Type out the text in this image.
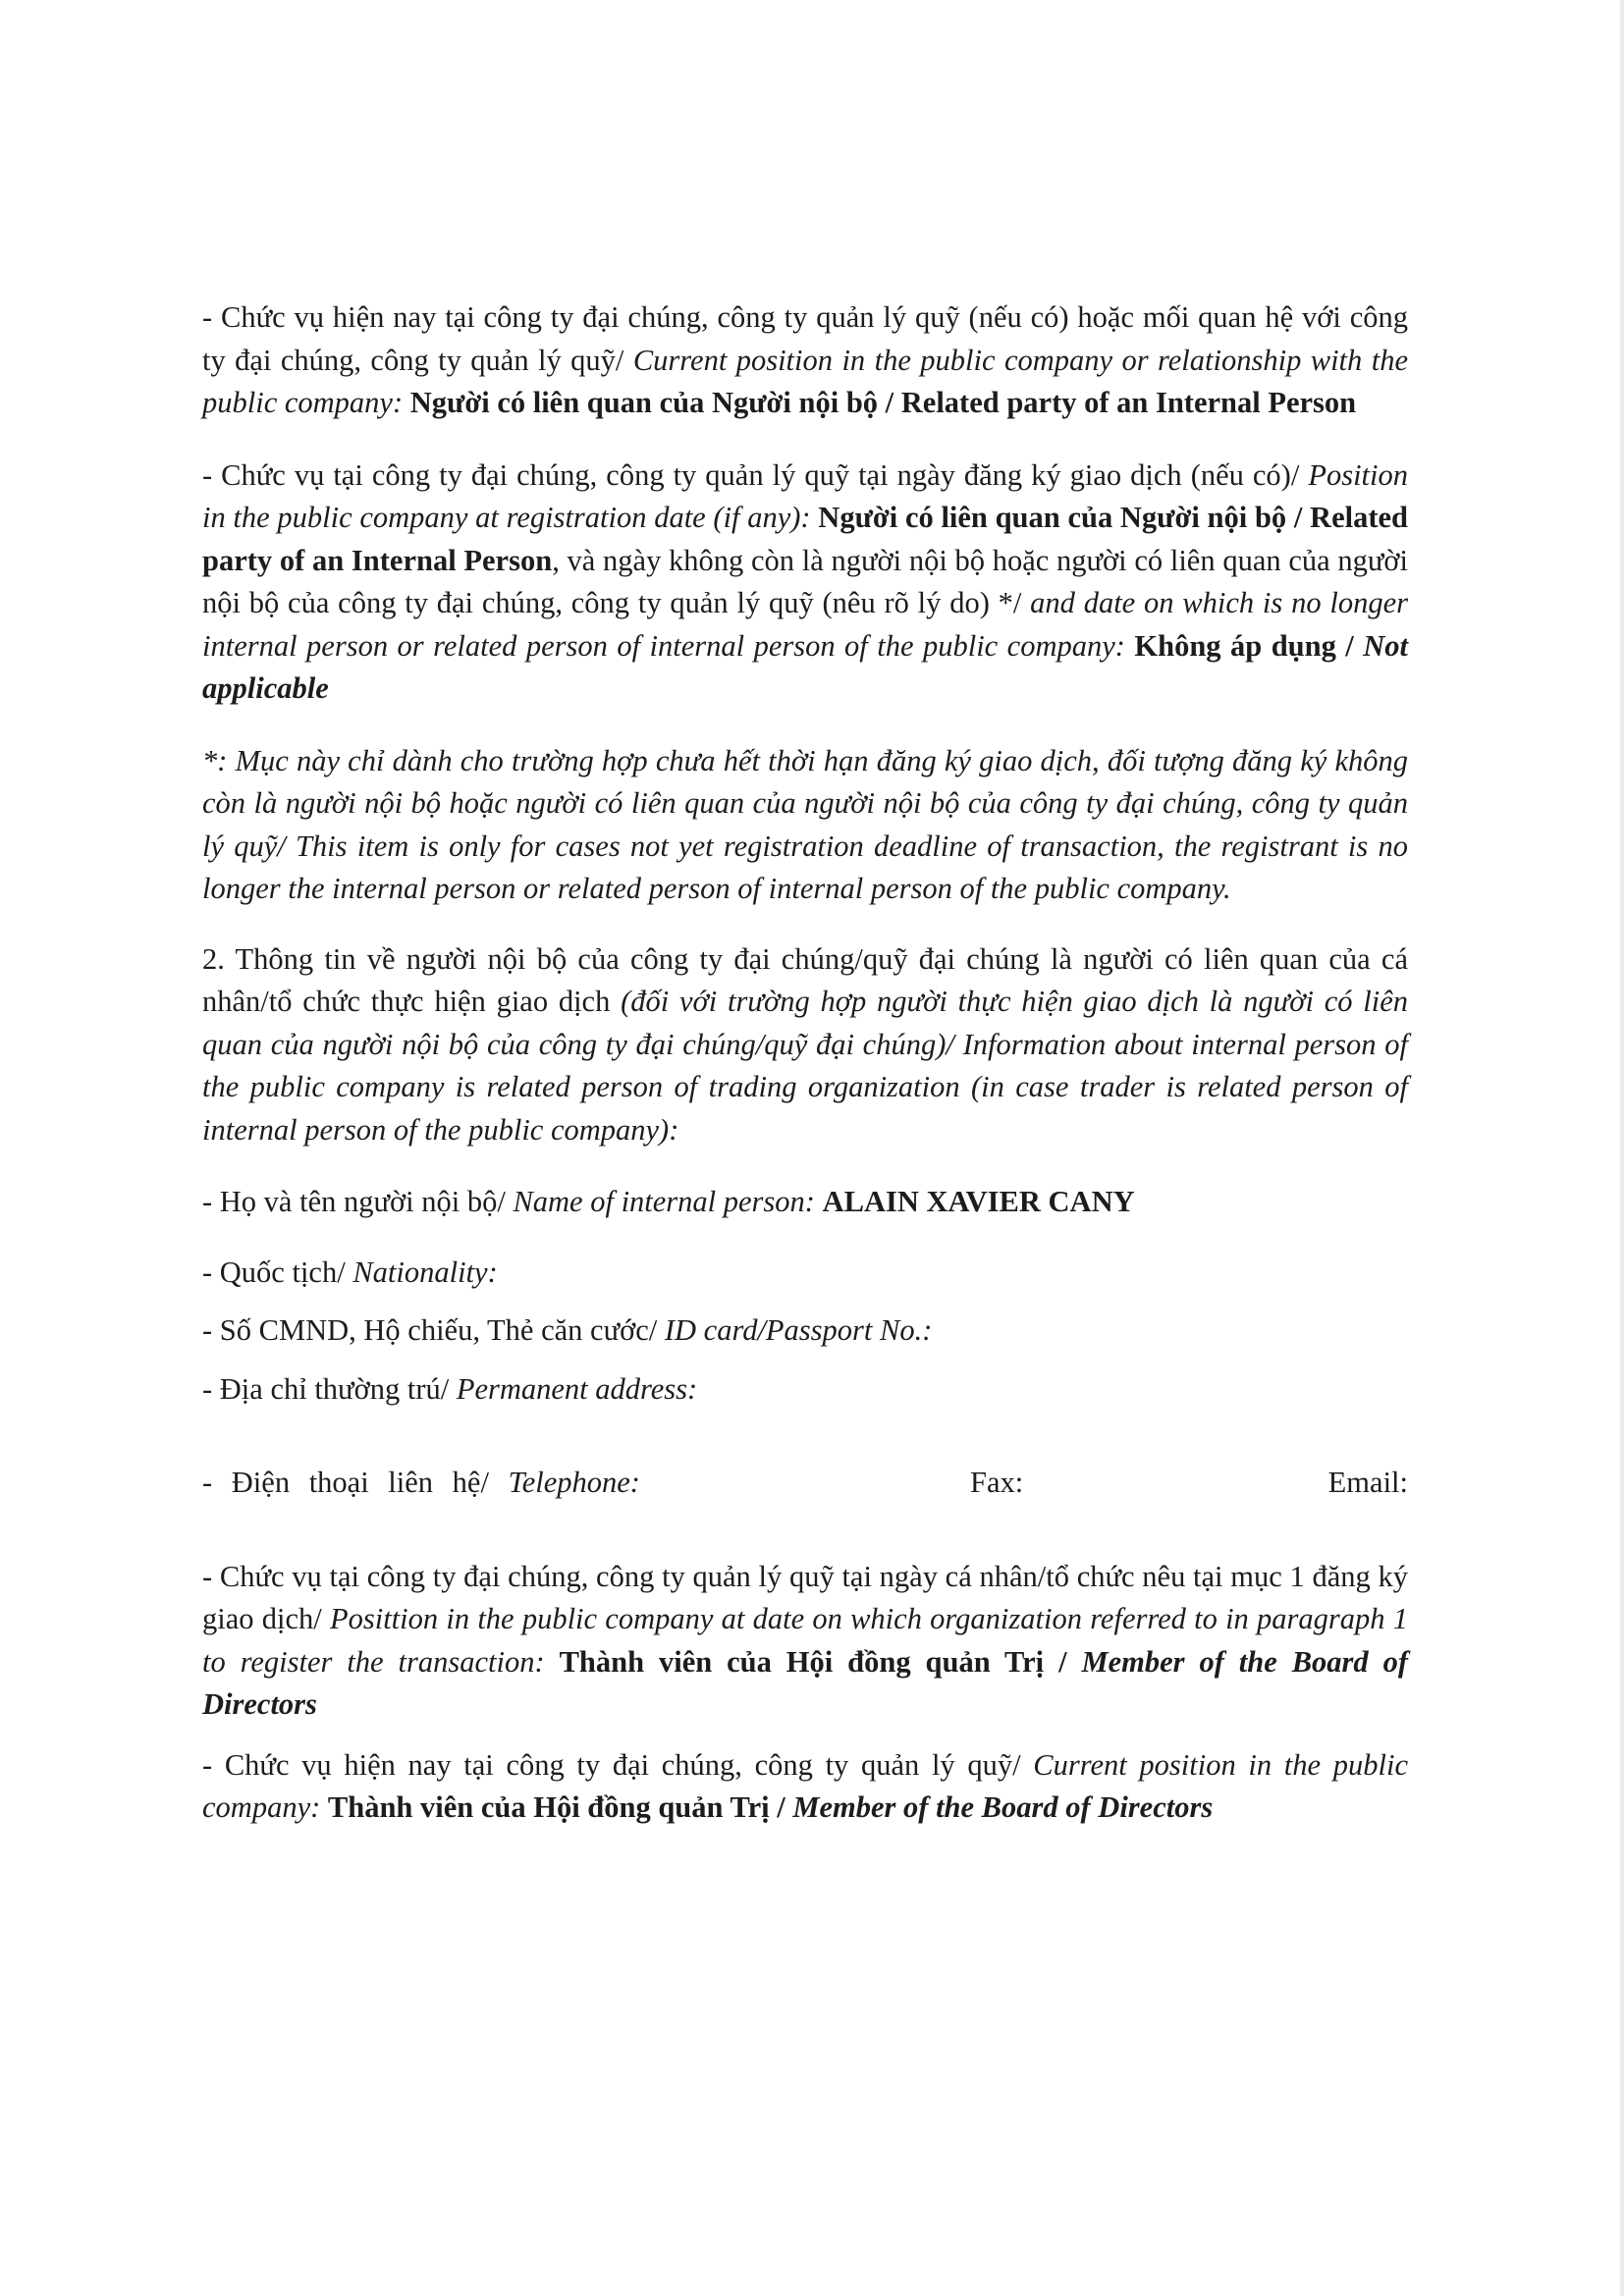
- Chức vụ hiện nay tại công ty đại chúng, công ty quản lý quỹ (nếu có) hoặc mối quan hệ với công ty đại chúng, công ty quản lý quỹ/ Current position in the public company or relationship with the public company: Người có liên quan của Người nội bộ / Related party of an Internal Person

- Chức vụ tại công ty đại chúng, công ty quản lý quỹ tại ngày đăng ký giao dịch (nếu có)/ Position in the public company at registration date (if any): Người có liên quan của Người nội bộ / Related party of an Internal Person, và ngày không còn là người nội bộ hoặc người có liên quan của người nội bộ của công ty đại chúng, công ty quản lý quỹ (nêu rõ lý do) */ and date on which is no longer internal person or related person of internal person of the public company: Không áp dụng / Not applicable

*: Mục này chỉ dành cho trường hợp chưa hết thời hạn đăng ký giao dịch, đối tượng đăng ký không còn là người nội bộ hoặc người có liên quan của người nội bộ của công ty đại chúng, công ty quản lý quỹ/ This item is only for cases not yet registration deadline of transaction, the registrant is no longer the internal person or related person of internal person of the public company.

2. Thông tin về người nội bộ của công ty đại chúng/quỹ đại chúng là người có liên quan của cá nhân/tổ chức thực hiện giao dịch (đối với trường hợp người thực hiện giao dịch là người có liên quan của người nội bộ của công ty đại chúng/quỹ đại chúng)/ Information about internal person of the public company is related person of trading organization (in case trader is related person of internal person of the public company):

- Họ và tên người nội bộ/ Name of internal person: ALAIN XAVIER CANY

- Quốc tịch/ Nationality:

- Số CMND, Hộ chiếu, Thẻ căn cước/ ID card/Passport No.:

- Địa chỉ thường trú/ Permanent address:

- Điện thoại liên hệ/ Telephone:	Fax:	Email:

- Chức vụ tại công ty đại chúng, công ty quản lý quỹ tại ngày cá nhân/tổ chức nêu tại mục 1 đăng ký giao dịch/ Posittion in the public company at date on which organization referred to in paragraph 1 to register the transaction: Thành viên của Hội đồng quản Trị / Member of the Board of Directors

- Chức vụ hiện nay tại công ty đại chúng, công ty quản lý quỹ/ Current position in the public company: Thành viên của Hội đồng quản Trị / Member of the Board of Directors
